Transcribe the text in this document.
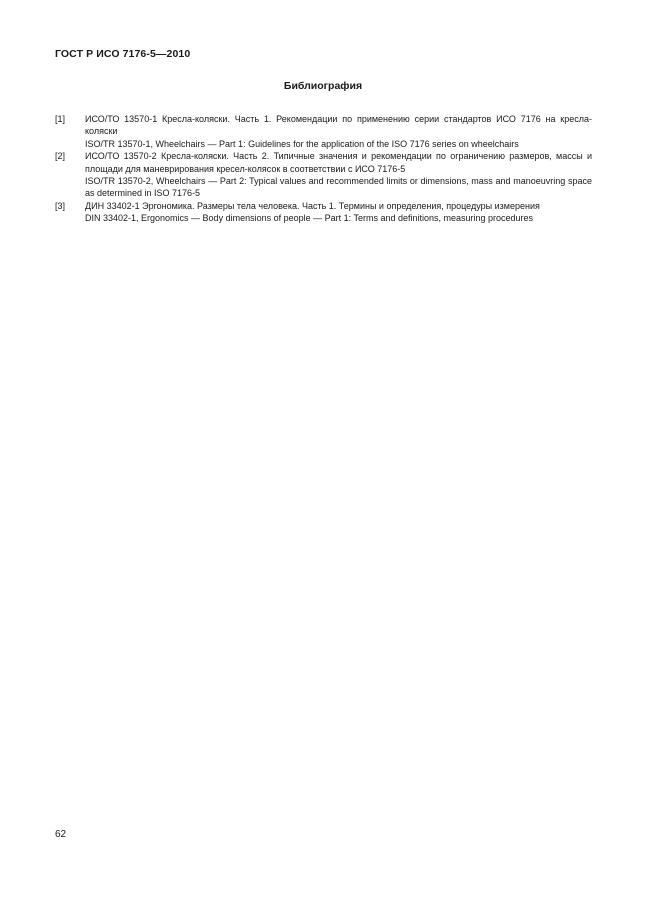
ГОСТ Р ИСО 7176-5—2010
Библиография
[1]	ИСО/ТО 13570-1 Кресла-коляски. Часть 1. Рекомендации по применению серии стандартов ИСО 7176 на кресла-коляски
ISO/TR 13570-1, Wheelchairs — Part 1: Guidelines for the application of the ISO 7176 series on wheelchairs
[2]	ИСО/ТО 13570-2 Кресла-коляски. Часть 2. Типичные значения и рекомендации по ограничению размеров, массы и площади для маневрирования кресел-колясок в соответствии с ИСО 7176-5
ISO/TR 13570-2, Wheelchairs — Part 2: Typical values and recommended limits or dimensions, mass and manoeuvring space as determined in ISO 7176-5
[3]	ДИН 33402-1 Эргономика. Размеры тела человека. Часть 1. Термины и определения, процедуры измерения
DIN 33402-1, Ergonomics — Body dimensions of people — Part 1: Terms and definitions, measuring procedures
62
